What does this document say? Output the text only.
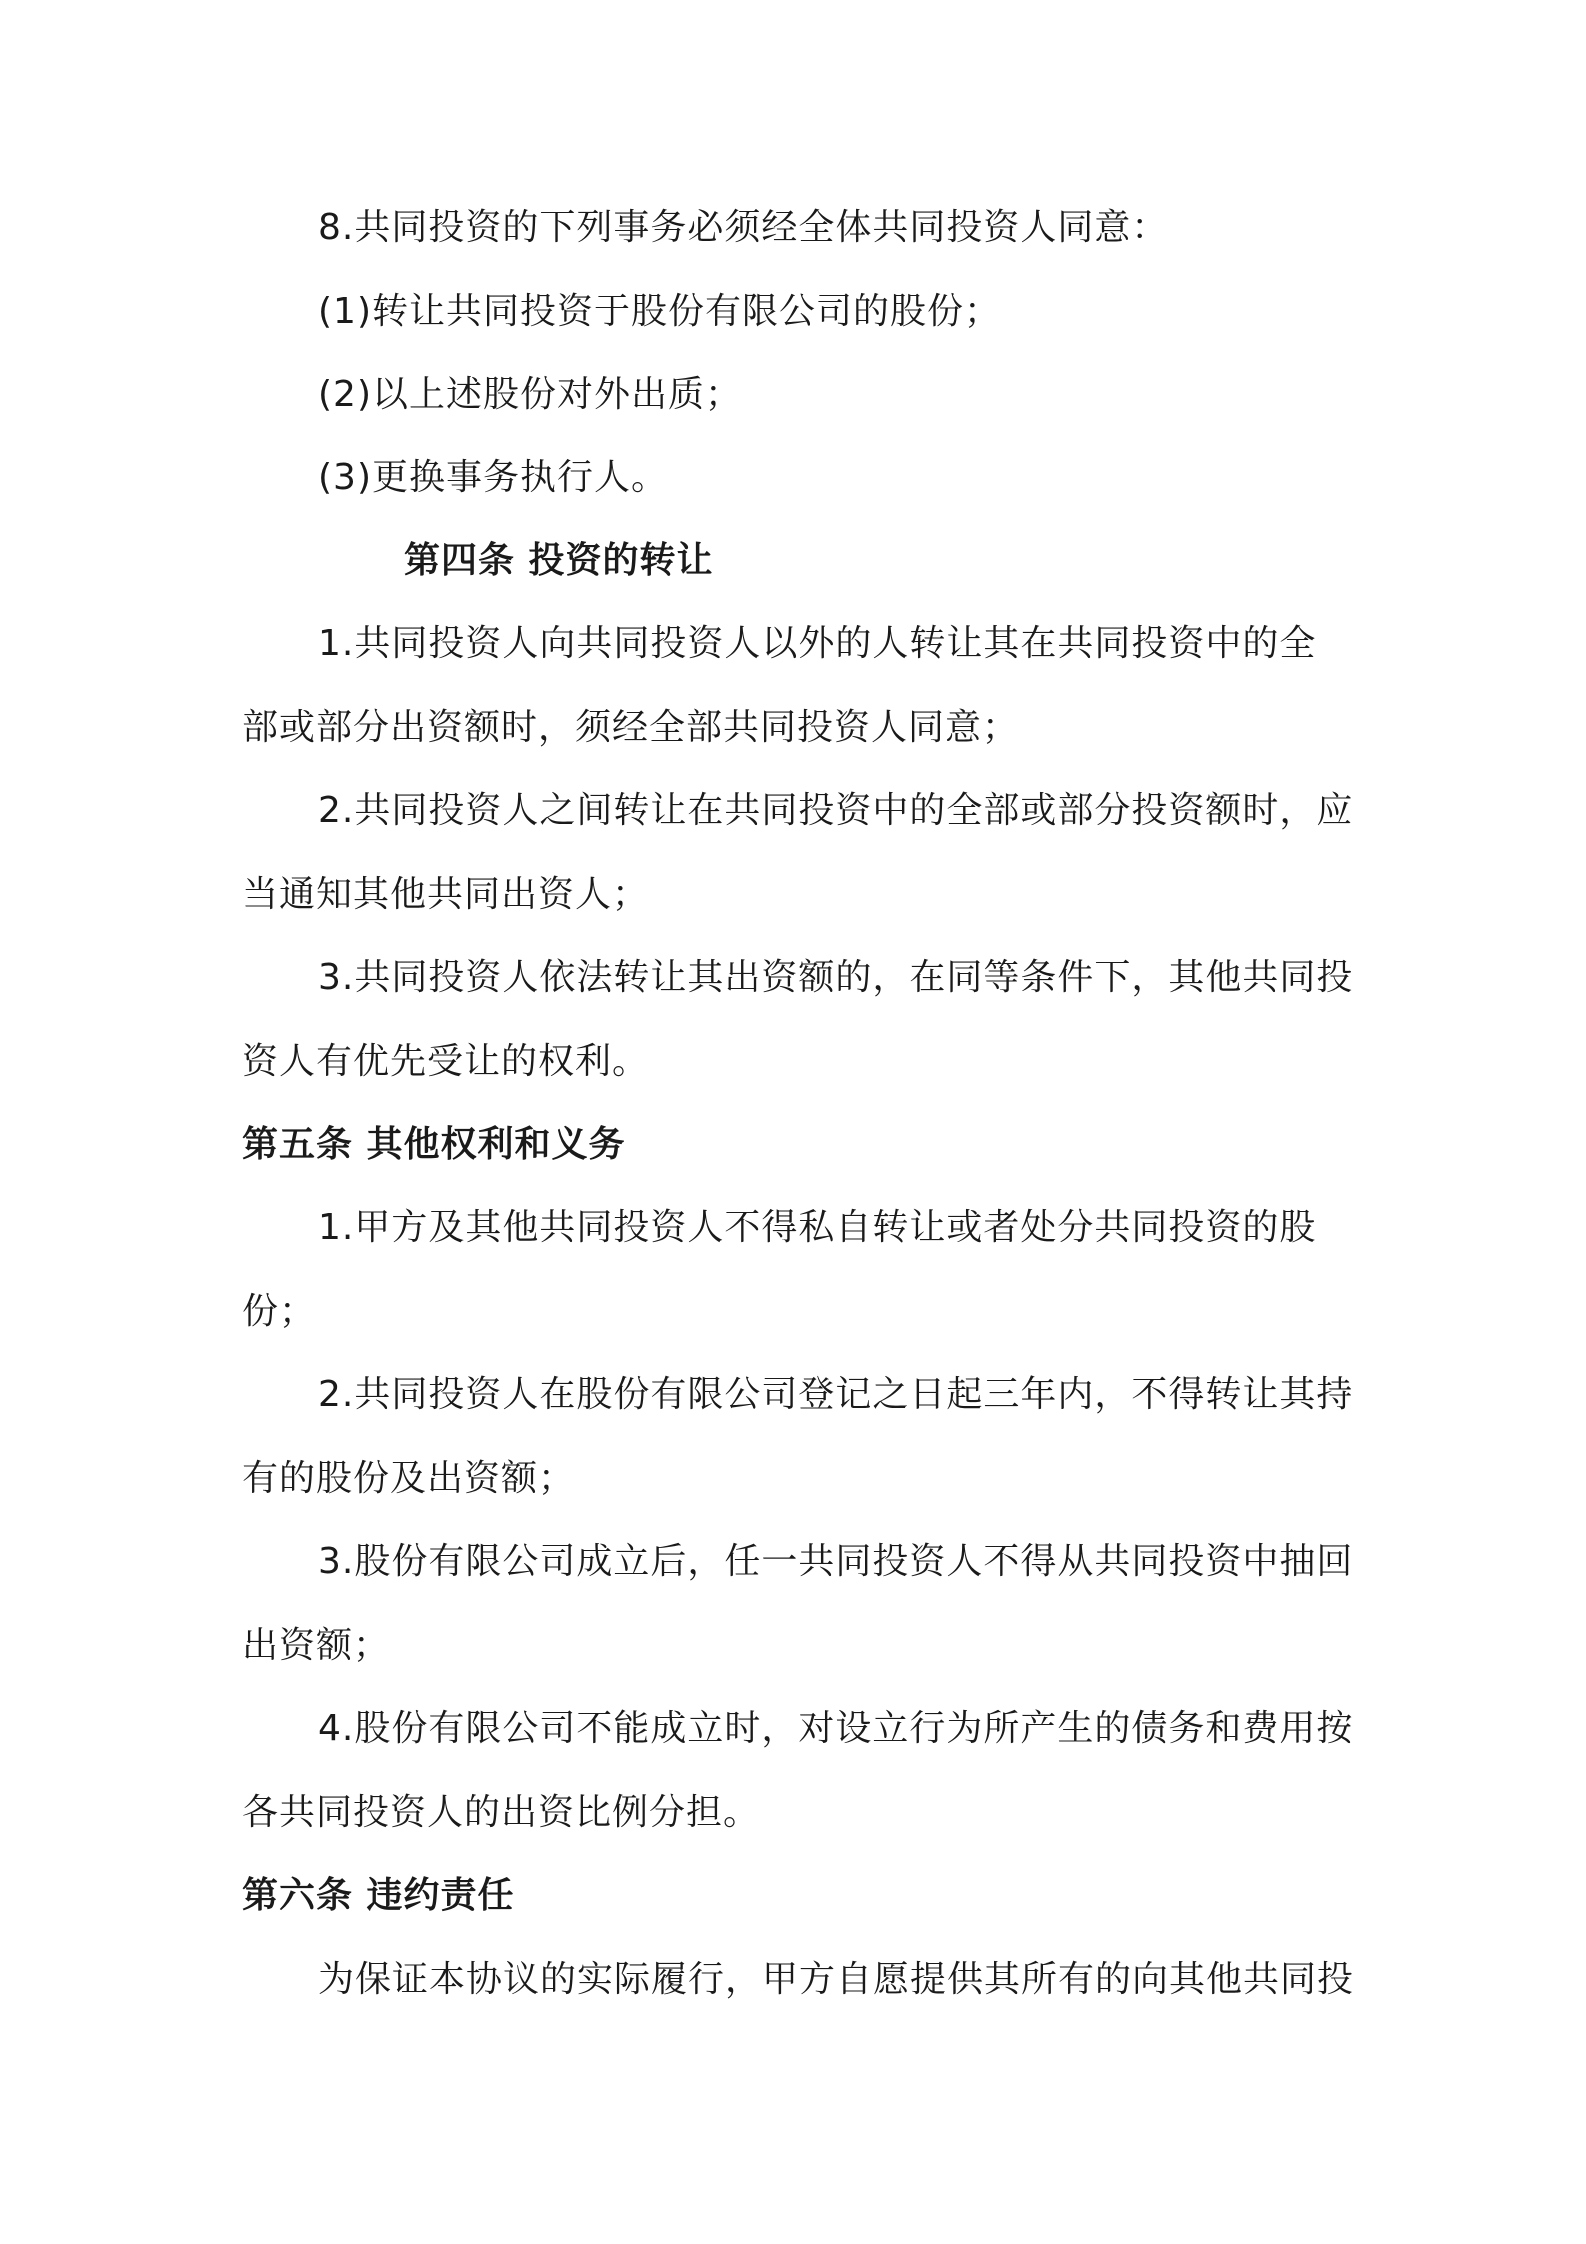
8.共同投资的下列事务必须经全体共同投资人同意：
(1)转让共同投资于股份有限公司的股份；
(2)以上述股份对外出质；
(3)更换事务执行人。
第四条 投资的转让
1.共同投资人向共同投资人以外的人转让其在共同投资中的全
部或部分出资额时，须经全部共同投资人同意；
2.共同投资人之间转让在共同投资中的全部或部分投资额时，应
当通知其他共同出资人；
3.共同投资人依法转让其出资额的，在同等条件下，其他共同投
资人有优先受让的权利。
第五条 其他权利和义务
1.甲方及其他共同投资人不得私自转让或者处分共同投资的股
份；
2.共同投资人在股份有限公司登记之日起三年内，不得转让其持
有的股份及出资额；
3.股份有限公司成立后，任一共同投资人不得从共同投资中抽回
出资额；
4.股份有限公司不能成立时，对设立行为所产生的债务和费用按
各共同投资人的出资比例分担。
第六条 违约责任
为保证本协议的实际履行，甲方自愿提供其所有的向其他共同投
